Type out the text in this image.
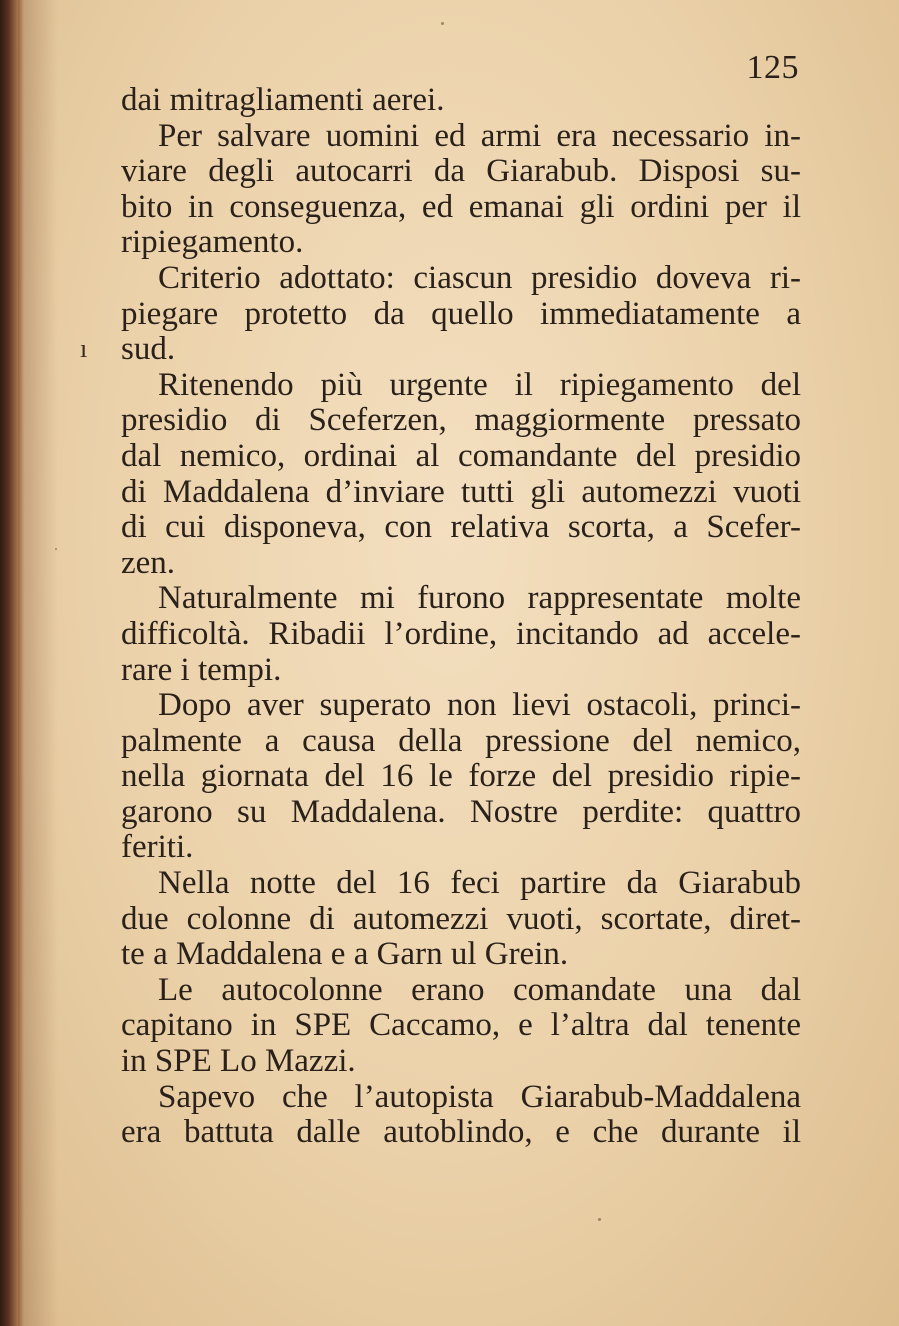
125
ı
dai mitragliamenti aerei.
Per salvare uomini ed armi era necessario in-
viare degli autocarri da Giarabub. Disposi su-
bito in conseguenza, ed emanai gli ordini per il
ripiegamento.
Criterio adottato: ciascun presidio doveva ri-
piegare protetto da quello immediatamente a
sud.
Ritenendo più urgente il ripiegamento del
presidio di Sceferzen, maggiormente pressato
dal nemico, ordinai al comandante del presidio
di Maddalena d’inviare tutti gli automezzi vuoti
di cui disponeva, con relativa scorta, a Scefer-
zen.
Naturalmente mi furono rappresentate molte
difficoltà. Ribadii l’ordine, incitando ad accele-
rare i tempi.
Dopo aver superato non lievi ostacoli, princi-
palmente a causa della pressione del nemico,
nella giornata del 16 le forze del presidio ripie-
garono su Maddalena. Nostre perdite: quattro
feriti.
Nella notte del 16 feci partire da Giarabub
due colonne di automezzi vuoti, scortate, diret-
te a Maddalena e a Garn ul Grein.
Le autocolonne erano comandate una dal
capitano in SPE Caccamo, e l’altra dal tenente
in SPE Lo Mazzi.
Sapevo che l’autopista Giarabub-Maddalena
era battuta dalle autoblindo, e che durante il
